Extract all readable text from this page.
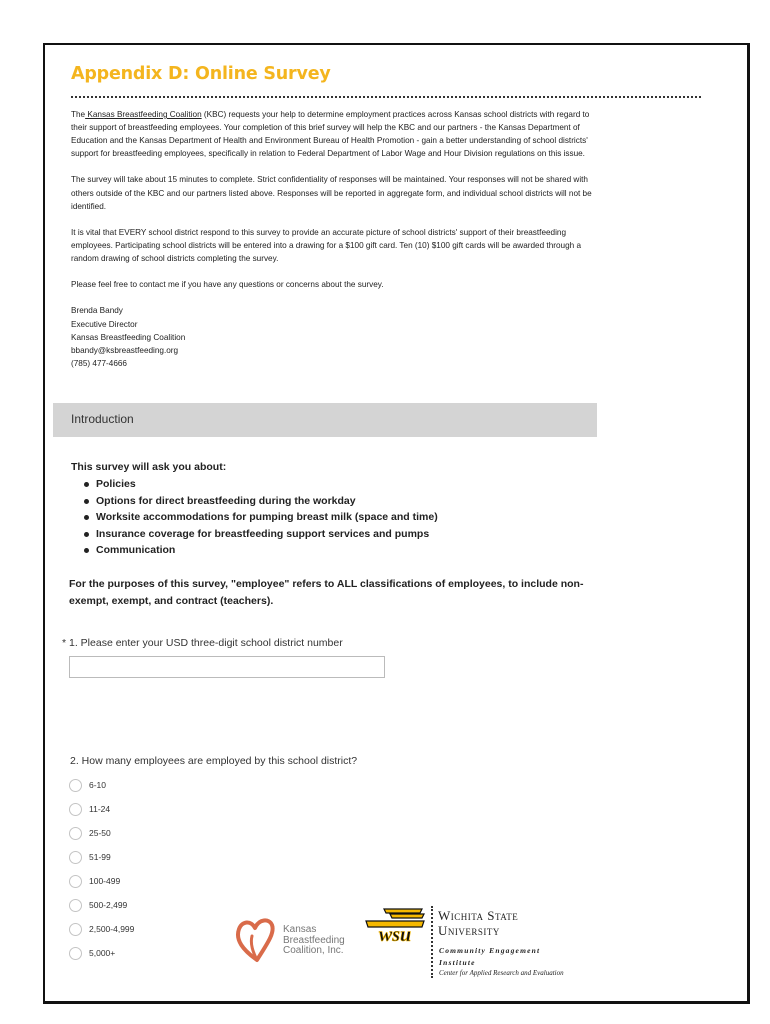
Appendix D: Online Survey

The Kansas Breastfeeding Coalition (KBC) requests your help to determine employment practices across Kansas school districts with regard to their support of breastfeeding employees. Your completion of this brief survey will help the KBC and our partners - the Kansas Department of Education and the Kansas Department of Health and Environment Bureau of Health Promotion - gain a better understanding of school districts' support for breastfeeding employees, specifically in relation to Federal Department of Labor Wage and Hour Division regulations on this issue.

The survey will take about 15 minutes to complete. Strict confidentiality of responses will be maintained. Your responses will not be shared with others outside of the KBC and our partners listed above. Responses will be reported in aggregate form, and individual school districts will not be identified.

It is vital that EVERY school district respond to this survey to provide an accurate picture of school districts' support of their breastfeeding employees. Participating school districts will be entered into a drawing for a $100 gift card. Ten (10) $100 gift cards will be awarded through a random drawing of school districts completing the survey.

Please feel free to contact me if you have any questions or concerns about the survey.

Brenda Bandy

Executive Director

Kansas Breastfeeding Coalition

bbandy@ksbreastfeeding.org

(785) 477-4666

Introduction

This survey will ask you about:

Policies
Options for direct breastfeeding during the workday
Worksite accommodations for pumping breast milk (space and time)
Insurance coverage for breastfeeding support services and pumps
Communication

For the purposes of this survey, "employee" refers to ALL classifications of employees, to include non-exempt, exempt, and contract (teachers).

* 1. Please enter your USD three-digit school district number
2. How many employees are employed by this school district?
6-10
11-24
25-50
51-99
100-499
500-2,499
2,500-4,999
5,000+
Kansas
Breastfeeding
Coalition, Inc.
wsu
Wichita State
University
Community Engagement
Institute
Center for Applied Research and Evaluation
